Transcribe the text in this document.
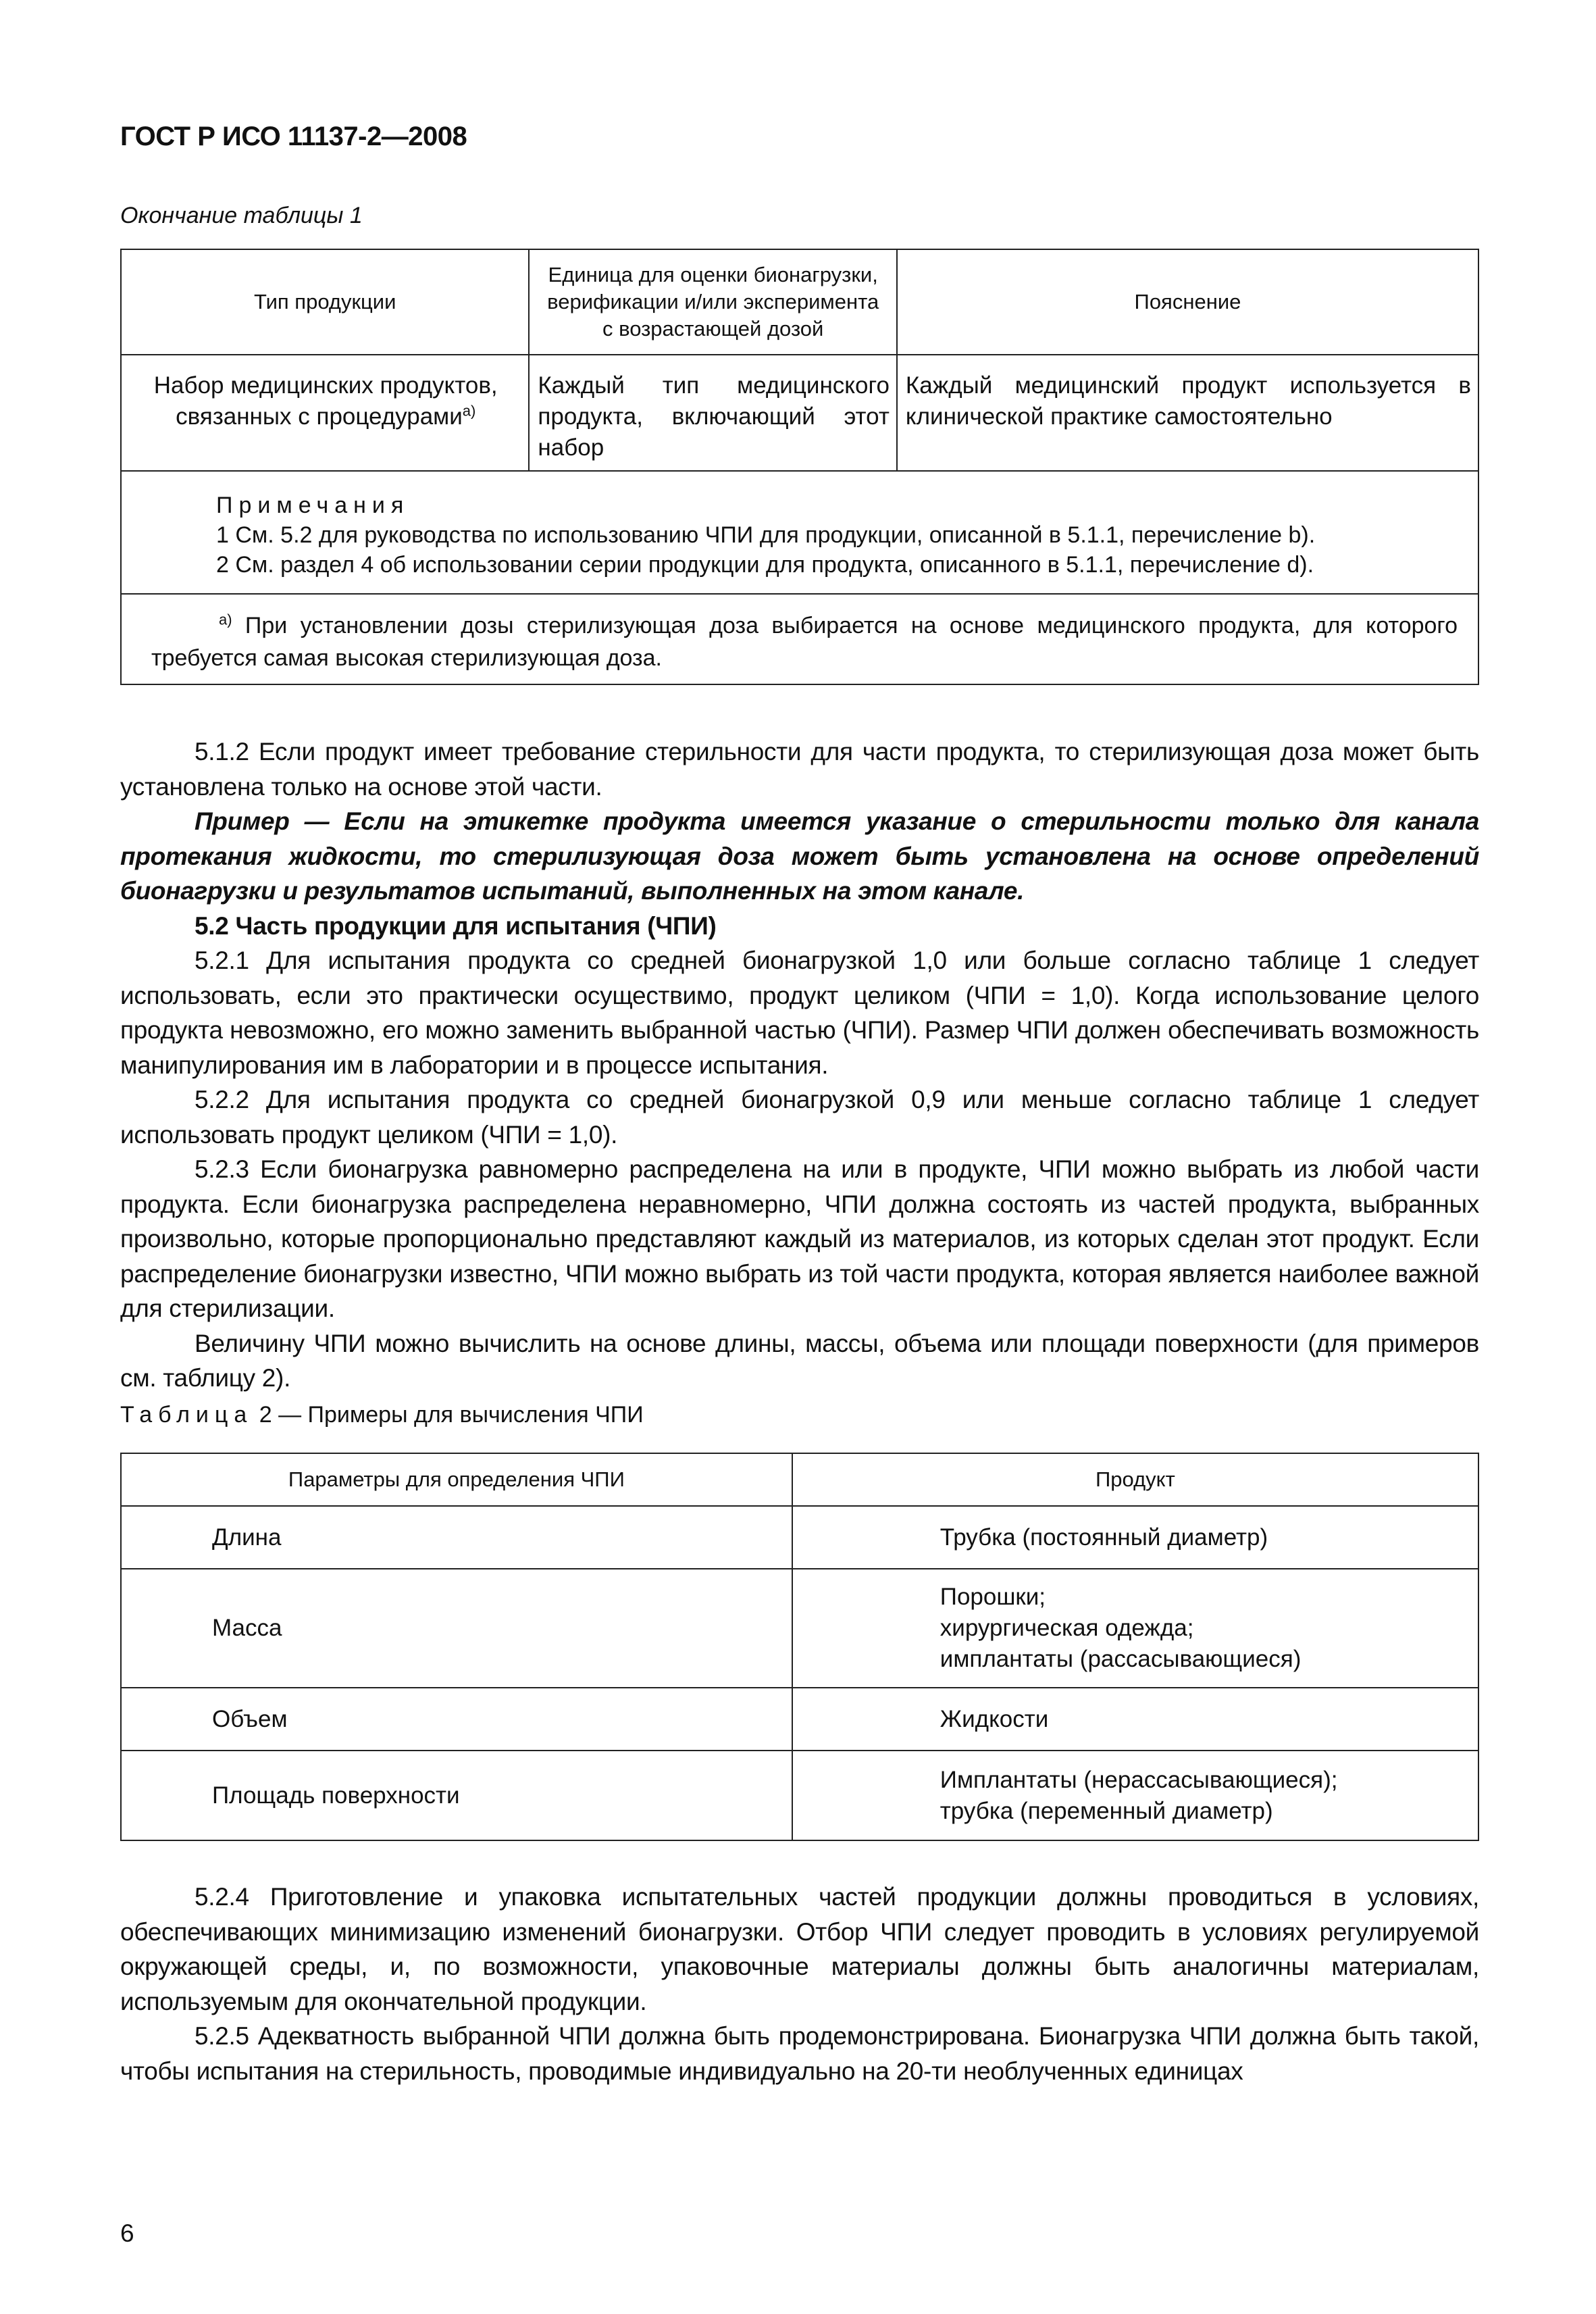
ГОСТ Р ИСО 11137-2—2008
Окончание таблицы 1
Тип продукции	Единица для оценки бионагрузки, верификации и/или эксперимента с возрастающей дозой	Пояснение
Набор медицинских продуктов, связанных с процедурами$^{а)}$	Каждый тип медицинского продукта, включающий этот набор	Каждый медицинский продукт используется в клинической практике самостоятельно

Примечания
1 См. 5.2 для руководства по использованию ЧПИ для продукции, описанной в 5.1.1, перечисление b).
2 См. раздел 4 об использовании серии продукции для продукта, описанного в 5.1.1, перечисление d).		

$^{а)}$ При установлении дозы стерилизующая доза выбирается на основе медицинского продукта, для которого требуется самая высокая стерилизующая доза.		

5.1.2 Если продукт имеет требование стерильности для части продукта, то стерилизующая доза может быть установлена только на основе этой части.

Пример — Если на этикетке продукта имеется указание о стерильности только для канала протекания жидкости, то стерилизующая доза может быть установлена на основе определений бионагрузки и результатов испытаний, выполненных на этом канале.

5.2 Часть продукции для испытания (ЧПИ)

5.2.1 Для испытания продукта со средней бионагрузкой 1,0 или больше согласно таблице 1 следует использовать, если это практически осуществимо, продукт целиком (ЧПИ = 1,0). Когда использование целого продукта невозможно, его можно заменить выбранной частью (ЧПИ). Размер ЧПИ должен обеспечивать возможность манипулирования им в лаборатории и в процессе испытания.

5.2.2 Для испытания продукта со средней бионагрузкой 0,9 или меньше согласно таблице 1 следует использовать продукт целиком (ЧПИ = 1,0).

5.2.3 Если бионагрузка равномерно распределена на или в продукте, ЧПИ можно выбрать из любой части продукта. Если бионагрузка распределена неравномерно, ЧПИ должна состоять из частей продукта, выбранных произвольно, которые пропорционально представляют каждый из материалов, из которых сделан этот продукт. Если распределение бионагрузки известно, ЧПИ можно выбрать из той части продукта, которая является наиболее важной для стерилизации.

Величину ЧПИ можно вычислить на основе длины, массы, объема или площади поверхности (для примеров см. таблицу 2).

Таблица 2 — Примеры для вычисления ЧПИ
Параметры для определения ЧПИ	Продукт
Длина	Трубка (постоянный диаметр)

Масса	Порошки;
хирургическая одежда;
имплантаты (рассасывающиеся)

Объем	Жидкости

Площадь поверхности	Имплантаты (нерассасывающиеся);
трубка (переменный диаметр)

5.2.4 Приготовление и упаковка испытательных частей продукции должны проводиться в условиях, обеспечивающих минимизацию изменений бионагрузки. Отбор ЧПИ следует проводить в условиях регулируемой окружающей среды, и, по возможности, упаковочные материалы должны быть аналогичны материалам, используемым для окончательной продукции.

5.2.5 Адекватность выбранной ЧПИ должна быть продемонстрирована. Бионагрузка ЧПИ должна быть такой, чтобы испытания на стерильность, проводимые индивидуально на 20-ти необлученных единицах

6
